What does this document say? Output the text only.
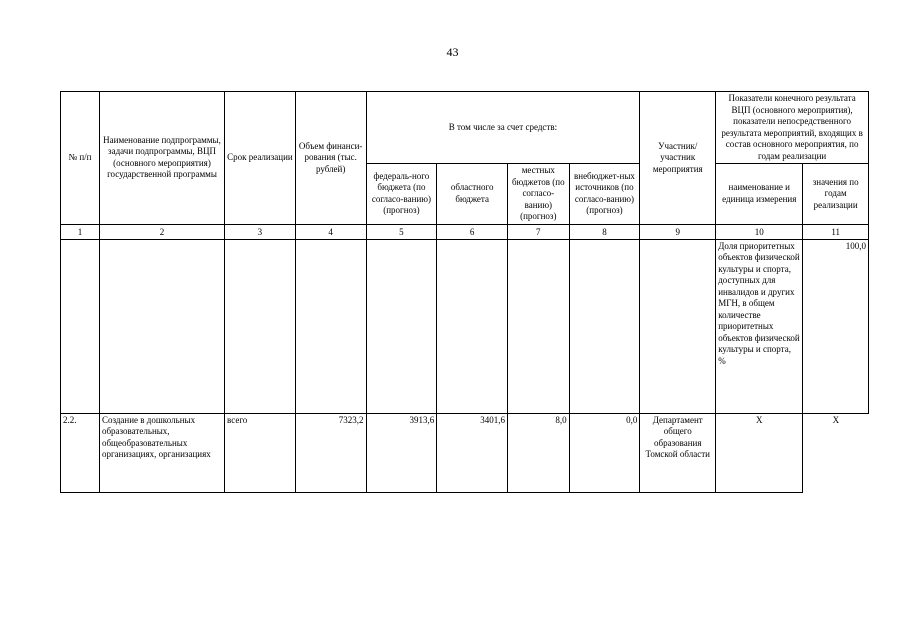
43
№ п/п	Наименование подпрограммы, задачи подпрограммы, ВЦП (основного мероприятия) государственной программы	Срок реализации	Объем финанси-рования (тыс. рублей)	В том числе за счет средств:				Участник/ участник мероприятия	Показатели конечного результата ВЦП (основного мероприятия), показатели непосредственного результата мероприятий, входящих в состав основного мероприятия, по годам реализации	
				федераль-ного бюджета (по согласо-ванию) (прогноз)	областного бюджета	местных бюджетов (по согласо-ванию) (прогноз)	внебюджет-ных источников (по согласо-ванию) (прогноз)		наименование и единица измерения	значения по годам реализации
1	2	3	4	5	6	7	8	9	10	11
									Доля приоритетных объектов физической культуры и спорта, доступных для инвалидов и других МГН, в общем количестве приоритетных объектов физической культуры и спорта, %	100,0
2.2.	Создание в дошкольных образовательных, общеобразовательных организациях, организациях	всего	7323,2	3913,6	3401,6	8,0	0,0	Департамент общего образования Томской области	Х	Х
